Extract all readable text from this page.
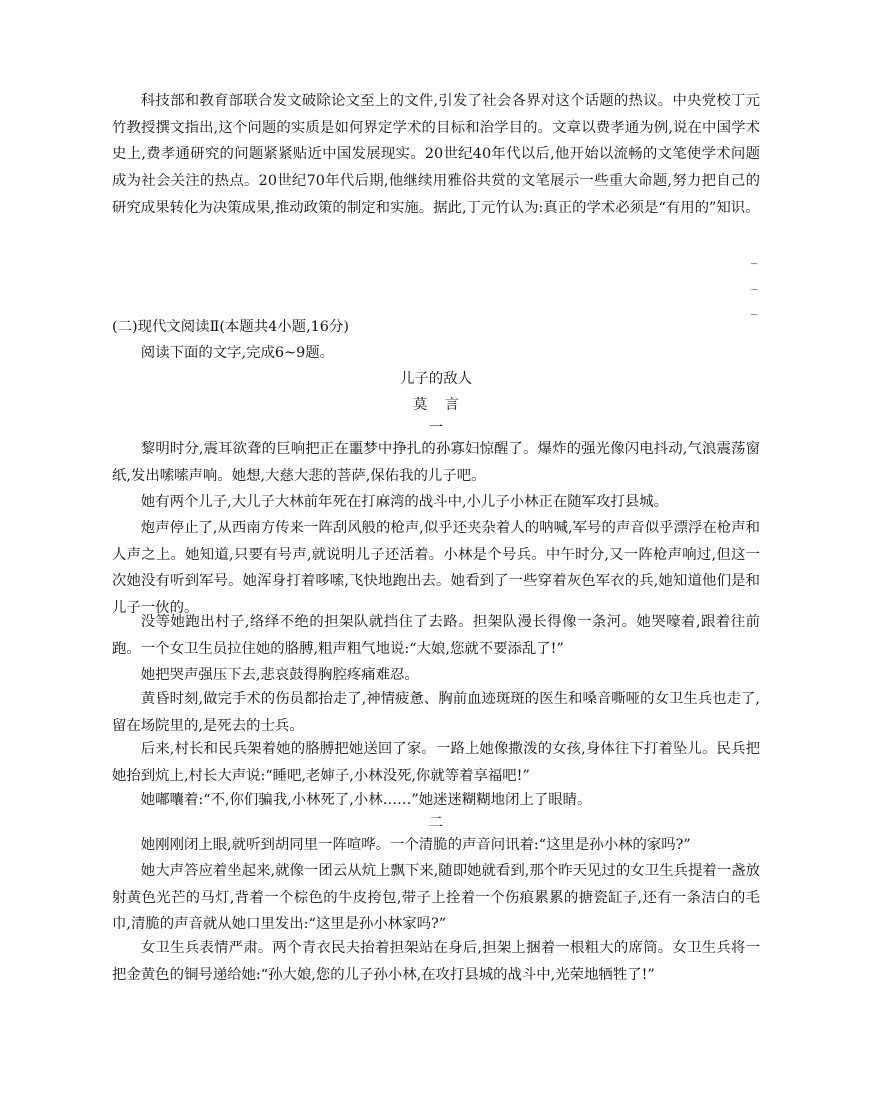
科技部和教育部联合发文破除论文至上的文件,引发了社会各界对这个话题的热议。中央党校丁元竹教授撰文指出,这个问题的实质是如何界定学术的目标和治学目的。文章以费孝通为例,说在中国学术史上,费孝通研究的问题紧紧贴近中国发展现实。20世纪40年代以后,他开始以流畅的文笔使学术问题成为社会关注的热点。20世纪70年代后期,他继续用雅俗共赏的文笔展示一些重大命题,努力把自己的研究成果转化为决策成果,推动政策的制定和实施。据此,丁元竹认为:真正的学术必须是“有用的”知识。

_
_
_

(二)现代文阅读Ⅱ(本题共4小题,16分)

阅读下面的文字,完成6~9题。

儿子的敌人

莫言

一

黎明时分,震耳欲聋的巨响把正在噩梦中挣扎的孙寡妇惊醒了。爆炸的强光像闪电抖动,气浪震荡窗纸,发出嗦嗦声响。她想,大慈大悲的菩萨,保佑我的儿子吧。

她有两个儿子,大儿子大林前年死在打麻湾的战斗中,小儿子小林正在随军攻打县城。

炮声停止了,从西南方传来一阵刮风般的枪声,似乎还夹杂着人的呐喊,军号的声音似乎漂浮在枪声和人声之上。她知道,只要有号声,就说明儿子还活着。小林是个号兵。中午时分,又一阵枪声响过,但这一次她没有听到军号。她浑身打着哆嗦,飞快地跑出去。她看到了一些穿着灰色军衣的兵,她知道他们是和儿子一伙的。

没等她跑出村子,络绎不绝的担架队就挡住了去路。担架队漫长得像一条河。她哭嚎着,跟着往前跑。一个女卫生员拉住她的胳膊,粗声粗气地说:“大娘,您就不要添乱了!”

她把哭声强压下去,悲哀鼓得胸腔疼痛难忍。

黄昏时刻,做完手术的伤员都抬走了,神情疲惫、胸前血迹斑斑的医生和嗓音嘶哑的女卫生兵也走了,留在场院里的,是死去的士兵。

后来,村长和民兵架着她的胳膊把她送回了家。一路上她像撒泼的女孩,身体往下打着坠儿。民兵把她抬到炕上,村长大声说:“睡吧,老婶子,小林没死,你就等着享福吧!”

她嘟囔着:“不,你们骗我,小林死了,小林……”她迷迷糊糊地闭上了眼睛。

二

她刚刚闭上眼,就听到胡同里一阵喧哗。一个清脆的声音问讯着:“这里是孙小林的家吗?”

她大声答应着坐起来,就像一团云从炕上飘下来,随即她就看到,那个昨天见过的女卫生兵提着一盏放射黄色光芒的马灯,背着一个棕色的牛皮挎包,带子上拴着一个伤痕累累的搪瓷缸子,还有一条洁白的毛巾,清脆的声音就从她口里发出:“这里是孙小林家吗?”

女卫生兵表情严肃。两个青衣民夫抬着担架站在身后,担架上捆着一根粗大的席筒。女卫生兵将一把金黄色的铜号递给她:“孙大娘,您的儿子孙小林,在攻打县城的战斗中,光荣地牺牲了!”
